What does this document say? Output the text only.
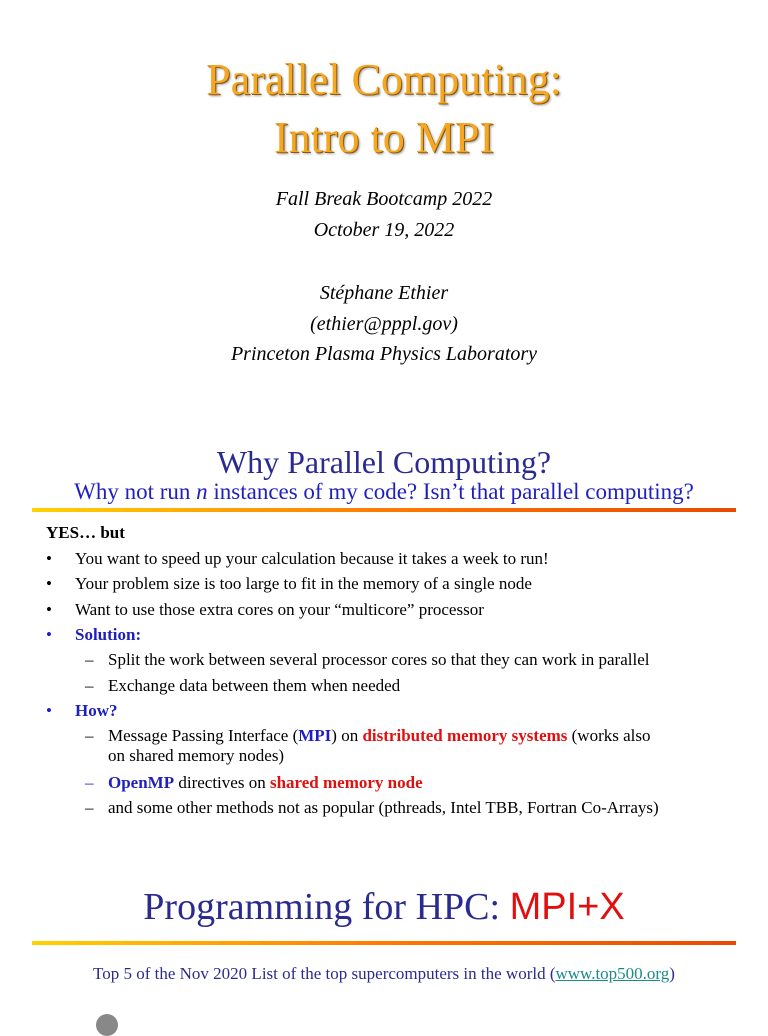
Parallel Computing:
Intro to MPI
Fall Break Bootcamp 2022
October 19, 2022
Stéphane Ethier
(ethier@pppl.gov)
Princeton Plasma Physics Laboratory
Why Parallel Computing?
Why not run n instances of my code? Isn’t that parallel computing?
YES… but
• You want to speed up your calculation because it takes a week to run!
• Your problem size is too large to fit in the memory of a single node
• Want to use those extra cores on your “multicore” processor
• Solution:
– Split the work between several processor cores so that they can work in parallel
– Exchange data between them when needed
• How?
– Message Passing Interface (MPI) on distributed memory systems (works also
on shared memory nodes)
– OpenMP directives on shared memory node
– and some other methods not as popular (pthreads, Intel TBB, Fortran Co-Arrays)
Programming for HPC: MPI+X
Top 5 of the Nov 2020 List of the top supercomputers in the world (www.top500.org)
